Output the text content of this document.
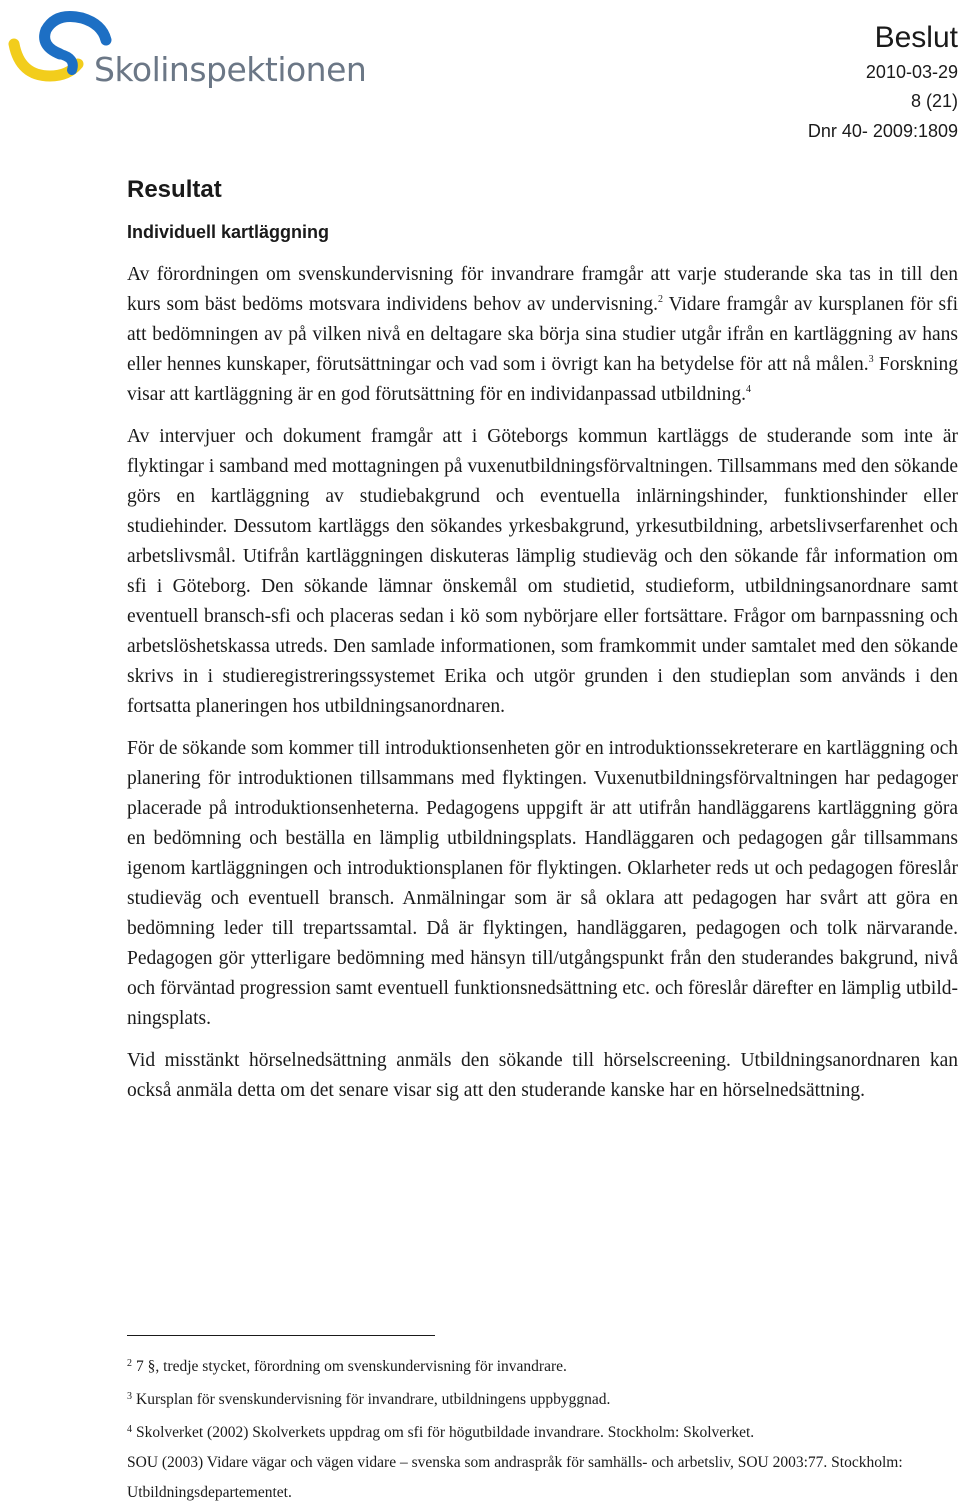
Skolinspektionen
Beslut
2010-03-29
8 (21)
Dnr 40- 2009:1809
Resultat
Individuell kartläggning

Av förordningen om svenskundervisning för invandrare framgår att varje studerande ska tas in till den kurs som bäst bedöms motsvara individens behov av undervisning.$^2$ Vidare framgår av kursplanen för sfi att bedömningen av på vilken nivå en deltagare ska börja sina studier utgår ifrån en kartläggning av hans eller hennes kunskaper, förutsättningar och vad som i övrigt kan ha betydelse för att nå målen.$^3$ Forskning visar att kartläggning är en god förutsättning för en individanpassad utbildning.$^4$

Av intervjuer och dokument framgår att i Göteborgs kommun kartläggs de studerande som inte är flyktingar i samband med mottagningen på vuxenutbildningsförvaltningen. Tillsammans med den sökande görs en kartläggning av studiebakgrund och eventuella inlärningshinder, funktionshinder eller studiehinder. Dessutom kartläggs den sökandes yrkesbakgrund, yrkesutbildning, arbetslivserfarenhet och arbetslivsmål. Utifrån kartläggningen diskuteras lämplig studieväg och den sökande får information om sfi i Göteborg. Den sökande lämnar önskemål om studietid, studieform, utbildningsanordnare samt eventuell bransch-sfi och placeras sedan i kö som nybörjare eller fortsättare. Frågor om barnpassning och arbetslöshetskassa utreds. Den samlade informationen, som framkommit under samtalet med den sökande skrivs in i studieregistreringssystemet Erika och utgör grunden i den studieplan som används i den fortsatta planeringen hos utbildningsanordnaren.

För de sökande som kommer till introduktionsenheten gör en introduktionssekreterare en kartläggning och planering för introduktionen tillsammans med flyktingen. Vuxenutbildningsförvaltningen har pedagoger placerade på introduktionsenheterna. Pedagogens uppgift är att utifrån handläggarens kartläggning göra en bedömning och beställa en lämplig utbildningsplats. Handläggaren och pedagogen går tillsammans igenom kartläggningen och introduktionsplanen för flyktingen. Oklarheter reds ut och pedagogen föreslår studieväg och eventuell bransch. Anmälningar som är så oklara att pedagogen har svårt att göra en bedömning leder till trepartssamtal. Då är flyktingen, handläggaren, pedagogen och tolk närvarande. Pedagogen gör ytterligare bedömning med hänsyn till/utgångspunkt från den studerandes bakgrund, nivå och förväntad progression samt eventuell funktionsnedsättning etc. och föreslår därefter en lämplig utbildningsplats.

Vid misstänkt hörselnedsättning anmäls den sökande till hörselscreening. Utbildningsanordnaren kan också anmäla detta om det senare visar sig att den studerande kanske har en hörselnedsättning.

$^2$ 7 §, tredje stycket, förordning om svenskundervisning för invandrare.

$^3$ Kursplan för svenskundervisning för invandrare, utbildningens uppbyggnad.

$^4$ Skolverket (2002) Skolverkets uppdrag om sfi för högutbildade invandrare. Stockholm: Skolverket.

SOU (2003) Vidare vägar och vägen vidare – svenska som andraspråk för samhälls- och arbetsliv, SOU 2003:77. Stockholm: Utbildningsdepartementet.
